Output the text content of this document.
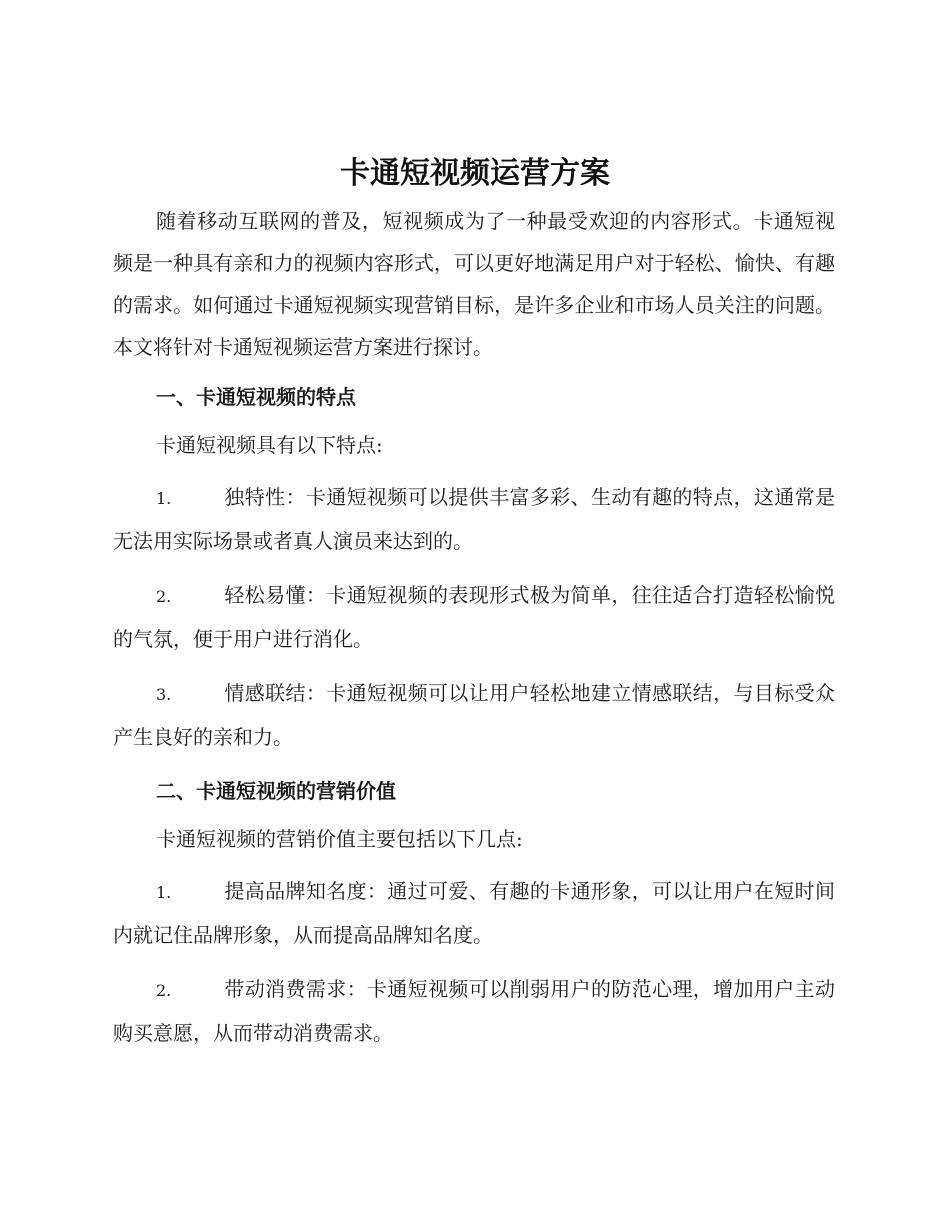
卡通短视频运营方案

随着移动互联网的普及，短视频成为了一种最受欢迎的内容形式。卡通短视频是一种具有亲和力的视频内容形式，可以更好地满足用户对于轻松、愉快、有趣的需求。如何通过卡通短视频实现营销目标，是许多企业和市场人员关注的问题。本文将针对卡通短视频运营方案进行探讨。

一、卡通短视频的特点
卡通短视频具有以下特点:
1.	独特性：卡通短视频可以提供丰富多彩、生动有趣的特点，这通常是无法用实际场景或者真人演员来达到的。
2.	轻松易懂：卡通短视频的表现形式极为简单，往往适合打造轻松愉悦的气氛，便于用户进行消化。
3.	情感联结：卡通短视频可以让用户轻松地建立情感联结，与目标受众产生良好的亲和力。
二、卡通短视频的营销价值
卡通短视频的营销价值主要包括以下几点:
1.	提高品牌知名度：通过可爱、有趣的卡通形象，可以让用户在短时间内就记住品牌形象，从而提高品牌知名度。
2.	带动消费需求：卡通短视频可以削弱用户的防范心理，增加用户主动购买意愿，从而带动消费需求。
